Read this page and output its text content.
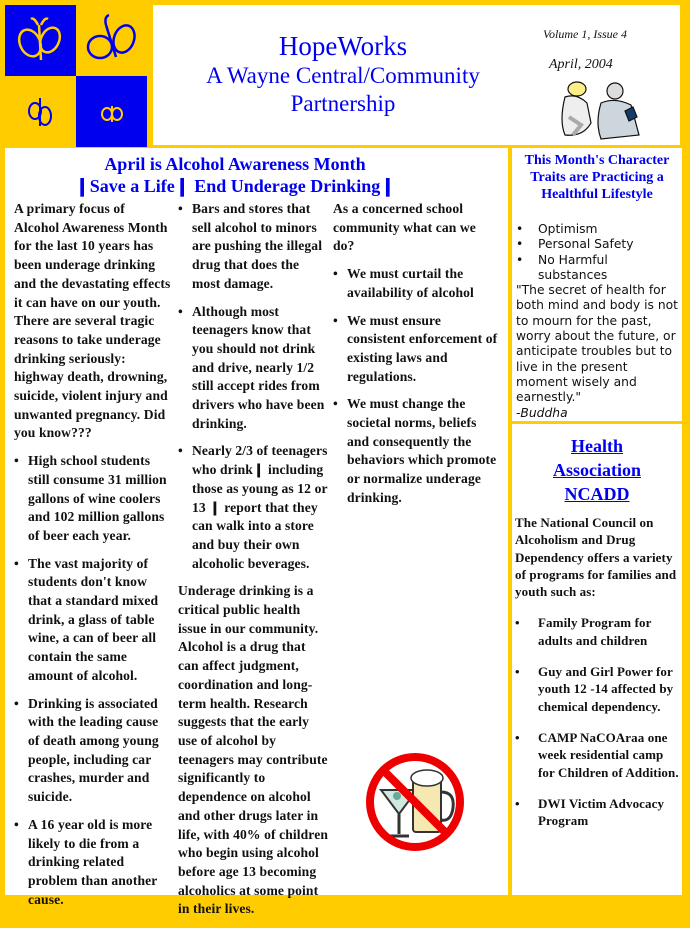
HopeWorks
A Wayne Central/Community
Partnership
Volume 1, Issue 4
April, 2004
April is Alcohol Awareness Month
❙Save a Life❙ End Underage Drinking❙

A primary focus of Alcohol Awareness Month for the last 10 years has been underage drinking and the devastating effects it can have on our youth. There are several tragic reasons to take underage drinking seriously: highway death, drowning, suicide, violent injury and unwanted pregnancy. Did you know???

• High school students still consume 31 million gallons of wine coolers and 102 million gallons of beer each year.
• The vast majority of students don't know that a standard mixed drink, a glass of table wine, a can of beer all contain the same amount of alcohol.
• Drinking is associated with the leading cause of death among young people, including car crashes, murder and suicide.
• A 16 year old is more likely to die from a drinking related problem than another cause.
• Bars and stores that sell alcohol to minors are pushing the illegal drug that does the most damage.
• Although most teenagers know that you should not drink and drive, nearly 1/2 still accept rides from drivers who have been drinking.
• Nearly 2/3 of teenagers who drink❙ including those as young as 12 or 13 ❙ report that they can walk into a store and buy their own alcoholic beverages.

Underage drinking is a critical public health issue in our community. Alcohol is a drug that can affect judgment, coordination and long-term health. Research suggests that the early use of alcohol by teenagers may contribute significantly to dependence on alcohol and other drugs later in life, with 40% of children who begin using alcohol before age 13 becoming alcoholics at some point in their lives.

As a concerned school community what can we do?

• We must curtail the availability of alcohol
• We must ensure consistent enforcement of existing laws and regulations.
• We must change the societal norms, beliefs and consequently the behaviors which promote or normalize underage drinking.
This Month's Character Traits are Practicing a Healthful Lifestyle
•	Optimism
•	Personal Safety
•	No Harmful substances
"The secret of health for both mind and body is not to mourn for the past, worry about the future, or anticipate troubles but to live in the present moment wisely and earnestly."
-Buddha
Health
Association
NCADD

The National Council on Alcoholism and Drug Dependency offers a variety of programs for families and youth such as:

• Family Program for adults and children
• Guy and Girl Power for youth 12 -14 affected by chemical dependency.
• CAMP NaCOAraa one week residential camp for Children of Addition.
• DWI Victim Advocacy Program
